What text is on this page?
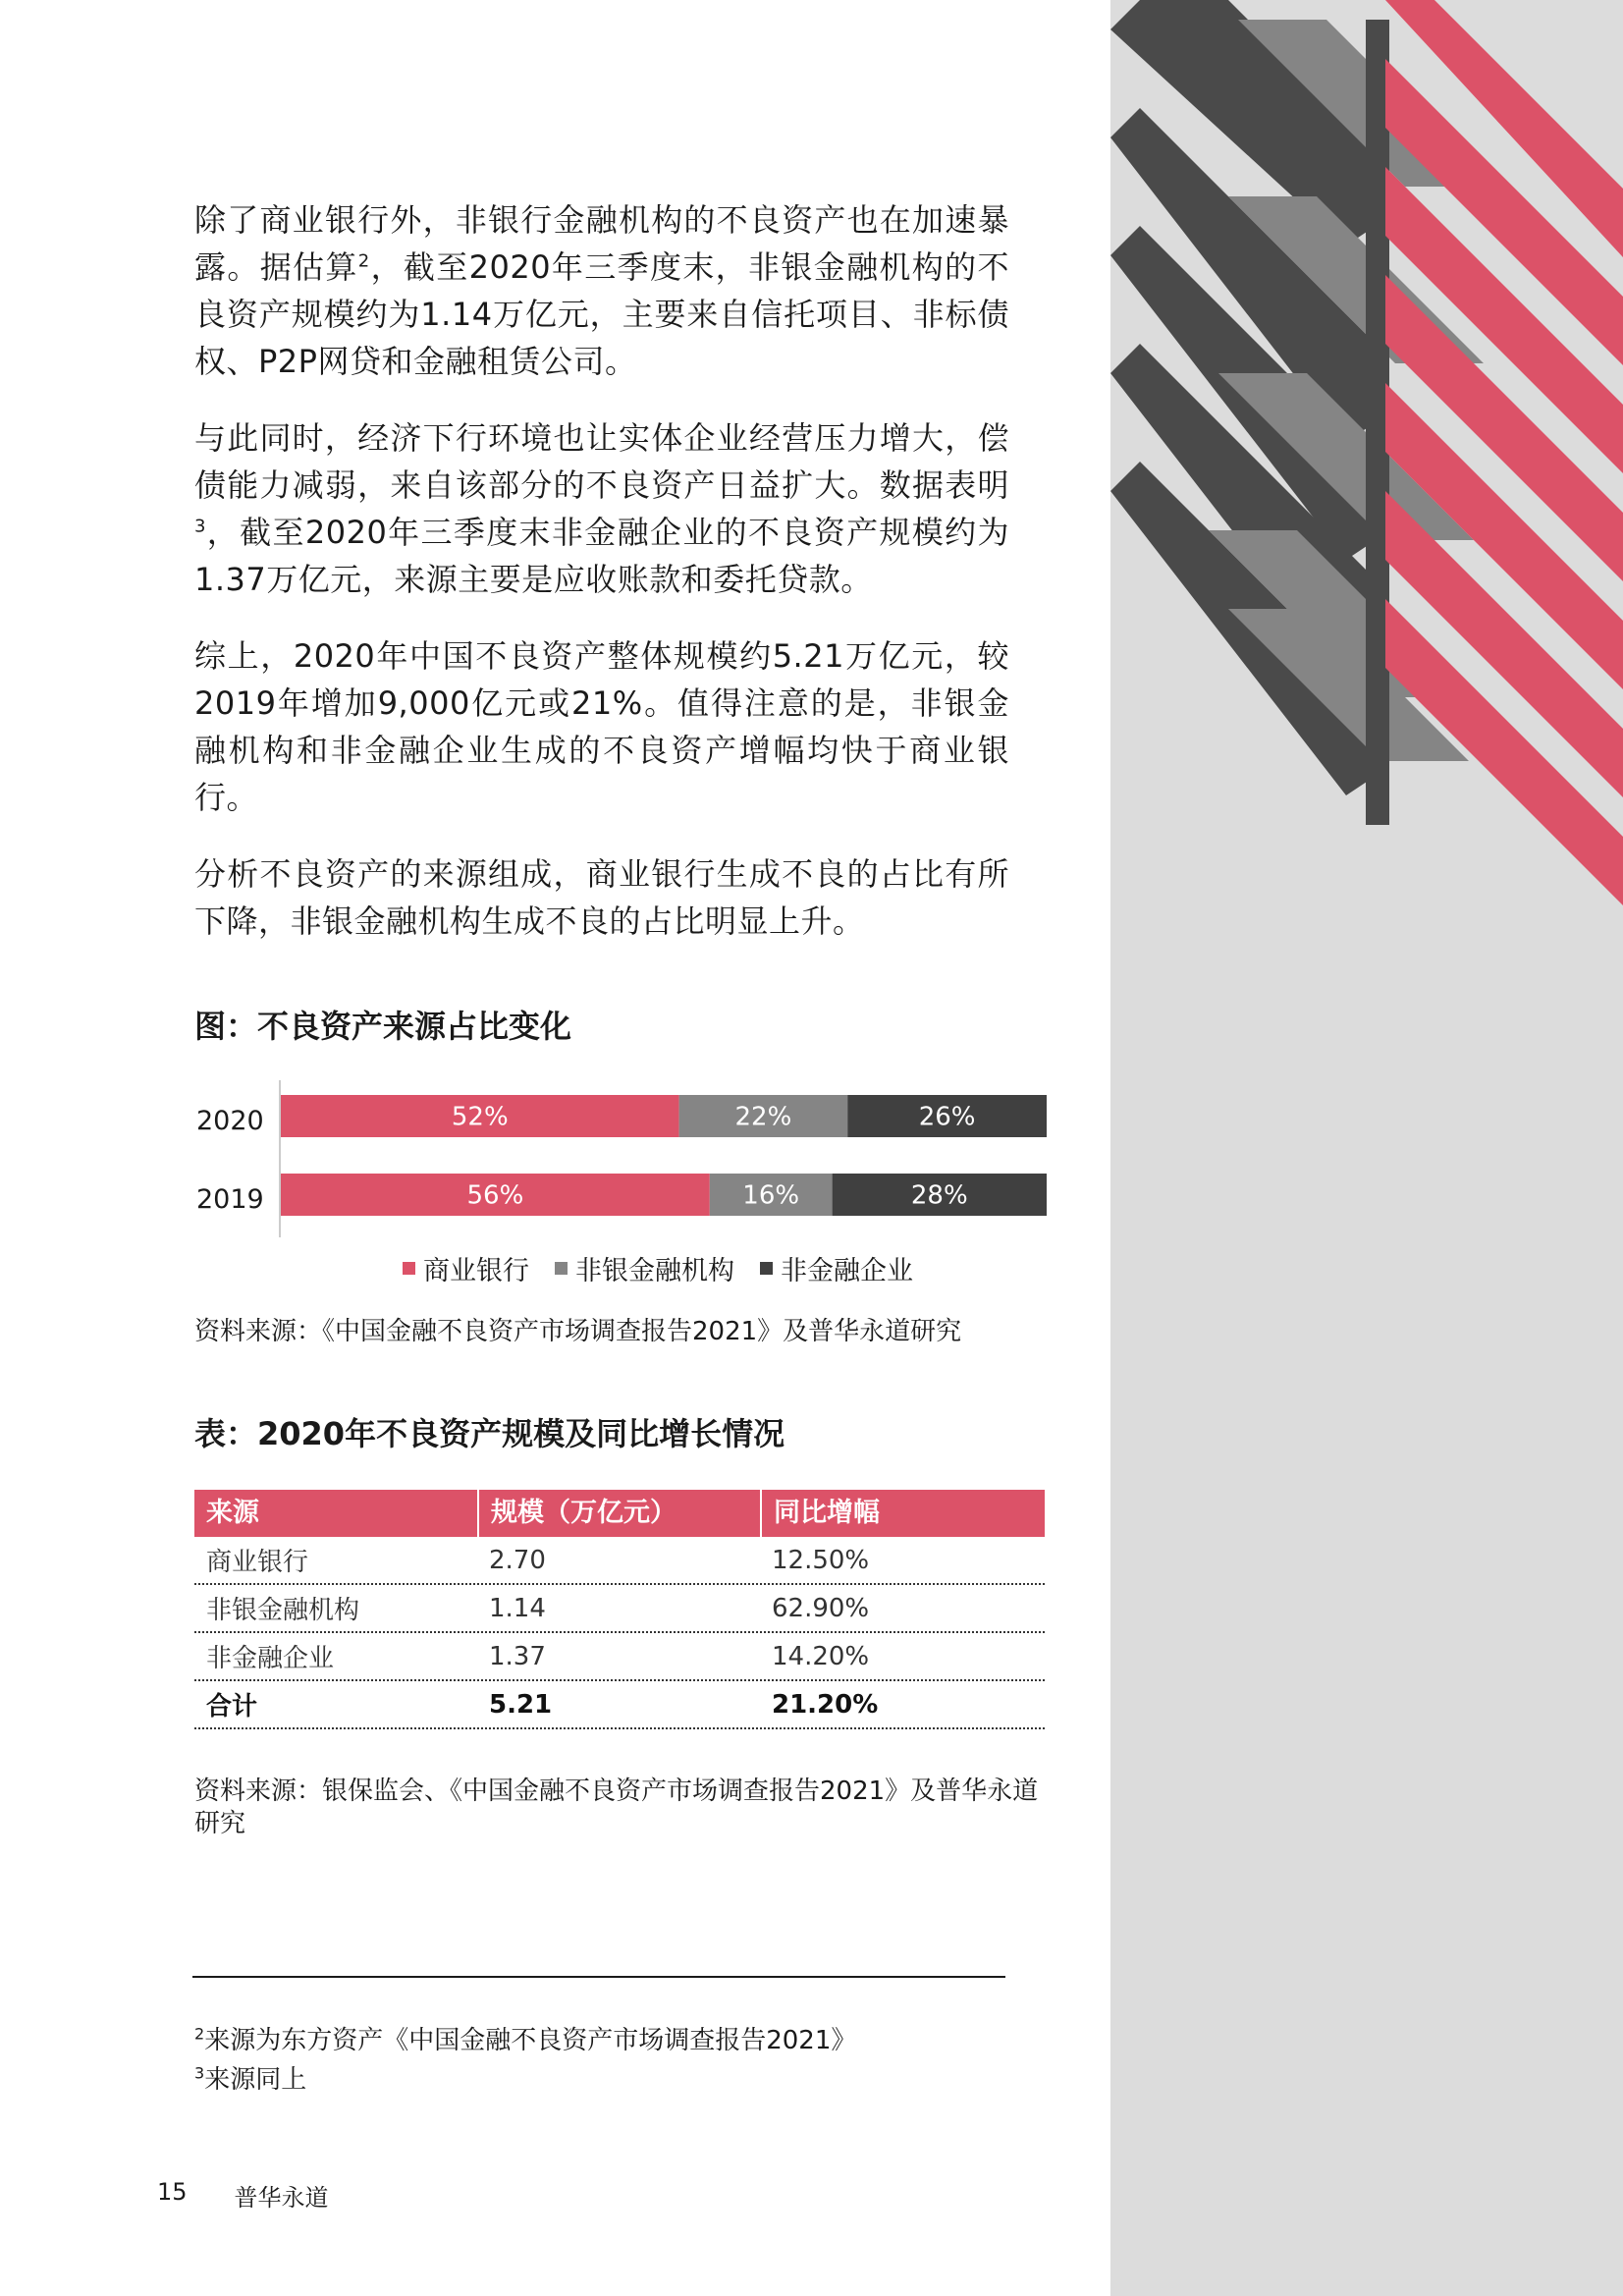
除了商业银行外，非银行金融机构的不良资产也在加速暴露。据估算$^2$，截至2020年三季度末，非银金融机构的不良资产规模约为1.14万亿元，主要来自信托项目、非标债权、P2P网贷和金融租赁公司。

与此同时，经济下行环境也让实体企业经营压力增大，偿债能力减弱，来自该部分的不良资产日益扩大。数据表明$^3$，截至2020年三季度末非金融企业的不良资产规模约为1.37万亿元，来源主要是应收账款和委托贷款。

综上，2020年中国不良资产整体规模约5.21万亿元，较2019年增加9,000亿元或21%。值得注意的是，非银金融机构和非金融企业生成的不良资产增幅均快于商业银行。

分析不良资产的来源组成，商业银行生成不良的占比有所下降，非银金融机构生成不良的占比明显上升。

图：不良资产来源占比变化
2020
2019
52%	22%	26%
56%	16%	28%
商业银行 非银金融机构 非金融企业
资料来源：《中国金融不良资产市场调查报告2021》及普华永道研究
表：2020年不良资产规模及同比增长情况
来源	规模（万亿元）	同比增幅
商业银行	2.70	12.50%
非银金融机构	1.14	62.90%
非金融企业	1.37	14.20%
合计	5.21	21.20%
资料来源：银保监会、《中国金融不良资产市场调查报告2021》及普华永道研究
$^2$来源为东方资产《中国金融不良资产市场调查报告2021》
$^3$来源同上
15 普华永道
